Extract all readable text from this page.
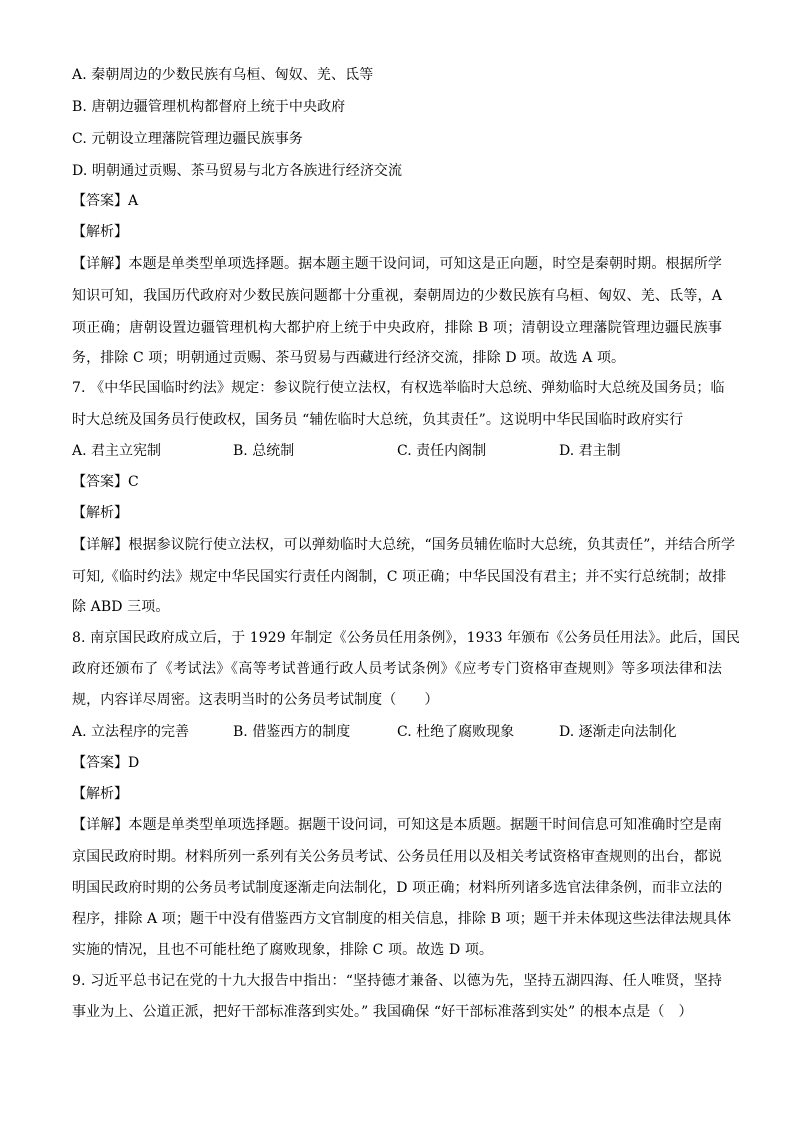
A. 秦朝周边的少数民族有乌桓、匈奴、羌、氐等
B. 唐朝边疆管理机构都督府上统于中央政府
C. 元朝设立理藩院管理边疆民族事务
D. 明朝通过贡赐、茶马贸易与北方各族进行经济交流
【答案】A
【解析】
【详解】本题是单类型单项选择题。据本题主题干设问词，可知这是正向题，时空是秦朝时期。根据所学
知识可知，我国历代政府对少数民族问题都十分重视，秦朝周边的少数民族有乌桓、匈奴、羌、氐等，A
项正确；唐朝设置边疆管理机构大都护府上统于中央政府，排除 B 项；清朝设立理藩院管理边疆民族事
务，排除 C 项；明朝通过贡赐、茶马贸易与西藏进行经济交流，排除 D 项。故选 A 项。
7. 《中华民国临时约法》规定：参议院行使立法权，有权选举临时大总统、弹劾临时大总统及国务员；临
时大总统及国务员行使政权，国务员 “辅佐临时大总统，负其责任”。这说明中华民国临时政府实行
A. 君主立宪制	B. 总统制	C. 责任内阁制	D. 君主制
【答案】C
【解析】
【详解】根据参议院行使立法权，可以弹劾临时大总统，“国务员辅佐临时大总统，负其责任”，并结合所学
可知,《临时约法》规定中华民国实行责任内阁制，C 项正确；中华民国没有君主；并不实行总统制；故排
除 ABD 三项。
8. 南京国民政府成立后，于 1929 年制定《公务员任用条例》，1933 年颁布《公务员任用法》。此后，国民
政府还颁布了《考试法》《高等考试普通行政人员考试条例》《应考专门资格审查规则》等多项法律和法
规，内容详尽周密。这表明当时的公务员考试制度（　　）
A. 立法程序的完善	B. 借鉴西方的制度	C. 杜绝了腐败现象	D. 逐渐走向法制化
【答案】D
【解析】
【详解】本题是单类型单项选择题。据题干设问词，可知这是本质题。据题干时间信息可知准确时空是南
京国民政府时期。材料所列一系列有关公务员考试、公务员任用以及相关考试资格审查规则的出台，都说
明国民政府时期的公务员考试制度逐渐走向法制化，D 项正确；材料所列诸多选官法律条例，而非立法的
程序，排除 A 项；题干中没有借鉴西方文官制度的相关信息，排除 B 项；题干并未体现这些法律法规具体
实施的情况，且也不可能杜绝了腐败现象，排除 C 项。故选 D 项。
9. 习近平总书记在党的十九大报告中指出：“坚持德才兼备、以德为先，坚持五湖四海、任人唯贤，坚持
事业为上、公道正派，把好干部标准落到实处。” 我国确保 “好干部标准落到实处” 的根本点是（　）
